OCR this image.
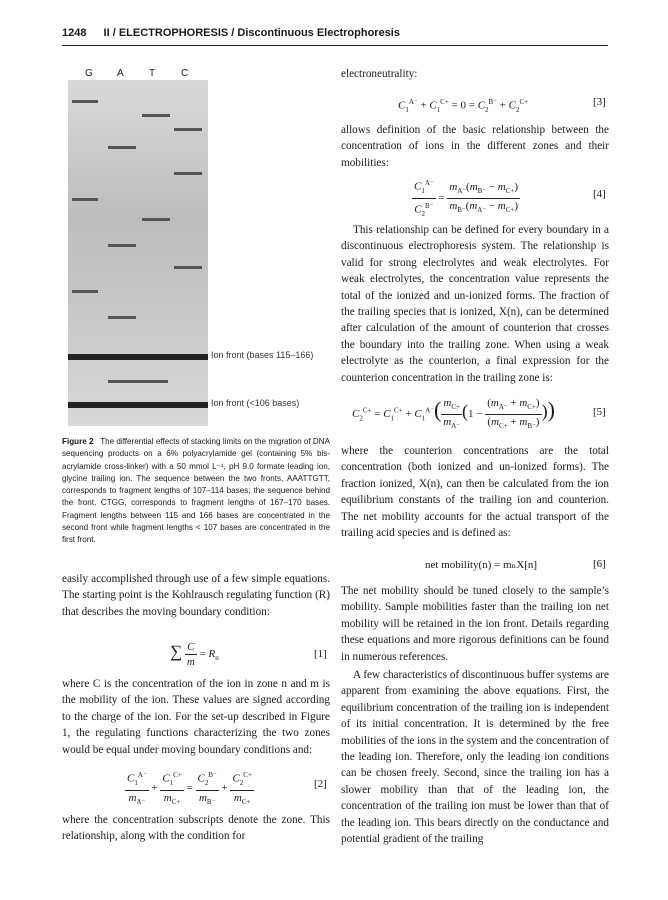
1248 II / ELECTROPHORESIS / Discontinuous Electrophoresis
G A	T	C
Ion front (bases 115–166)
Ion front (<106 bases)
Figure 2 The differential effects of stacking limits on the migration of DNA sequencing products on a 6% polyacrylamide gel (containing 5% bis-acrylamide cross-linker) with a 50 mmol L⁻¹, pH 9.0 formate leading ion, glycine trailing ion. The sequence between the two fronts, AAATTGTT, corresponds to fragment lengths of 107–114 bases; the sequence behind the front, CTGG, corresponds to fragment lengths of 167–170 bases. Fragment lengths between 115 and 166 bases are concentrated in the second front while fragment lengths < 107 bases are concentrated in the first front.

easily accomplished through use of a few simple equations. The starting point is the Kohlrausch regulating function (R) that describes the moving boundary condition:

∑ $\frac{C}{m} = R_n$	[1]

where C is the concentration of the ion in zone n and m is the mobility of the ion. These values are signed according to the charge of the ion. For the set-up described in Figure 1, the regulating functions characterizing the two zones would be equal under moving boundary conditions and:

$\frac{C_1^{A^-}}{m_{A^-}} + \frac{C_1^{C+}}{m_{C+}} = \frac{C_2^{B^-}}{m_{B^-}} + \frac{C_2^{C+}}{m_{C+}}$	[2]

where the concentration subscripts denote the zone. This relationship, along with the condition for

electroneutrality:

$C_1^{A^-} + C_1^{C+} = 0 = C_2^{B^-} + C_2^{C+}$	[3]

allows definition of the basic relationship between the concentration of ions in the different zones and their mobilities:

$\frac{C_1^{A^-}}{C_2^{B^-}} = \frac{m_{A^-}(m_{B^-} - m_{C+})}{m_{B^-}(m_{A^-} - m_{C+})}$	[4]

This relationship can be defined for every boundary in a discontinuous electrophoresis system. The relationship is valid for strong electrolytes and weak electrolytes. For weak electrolytes, the concentration value represents the total of the ionized and un-ionized forms. The fraction of the trailing species that is ionized, X(n), can be determined after calculation of the amount of counterion that crosses the boundary into the trailing zone. When using a weak electrolyte as the counterion, a final expression for the counterion concentration in the trailing zone is:

$C_2^{C+} = C_1^{C+} + C_1^{A^-}( \frac{m_{C+}}{m_{A^-}} (1 - \frac{(m_{A^-} + m_{C+})}{(m_{C+} + m_{B^-})}$ ))	[5]

where the counterion concentrations are the total concentration (both ionized and un-ionized forms). The fraction ionized, X(n), can then be calculated from the ion equilibrium constants of the trailing ion and counterion. The net mobility accounts for the actual transport of the trailing acid species and is defined as:

net mobility(n) = mₙX[n]	[6]

The net mobility should be tuned closely to the sample’s mobility. Sample mobilities faster than the trailing ion net mobility will be retained in the ion front. Details regarding these equations and more rigorous definitions can be found in numerous references.

A few characteristics of discontinuous buffer systems are apparent from examining the above equations. First, the equilibrium concentration of the trailing ion is independent of its initial concentration. It is determined by the free mobilities of the ions in the system and the concentration of the leading ion. Therefore, only the leading ion conditions can be chosen freely. Second, since the trailing ion has a slower mobility than that of the leading ion, the concentration of the trailing ion must be lower than that of the leading ion. This bears directly on the conductance and potential gradient of the trailing
